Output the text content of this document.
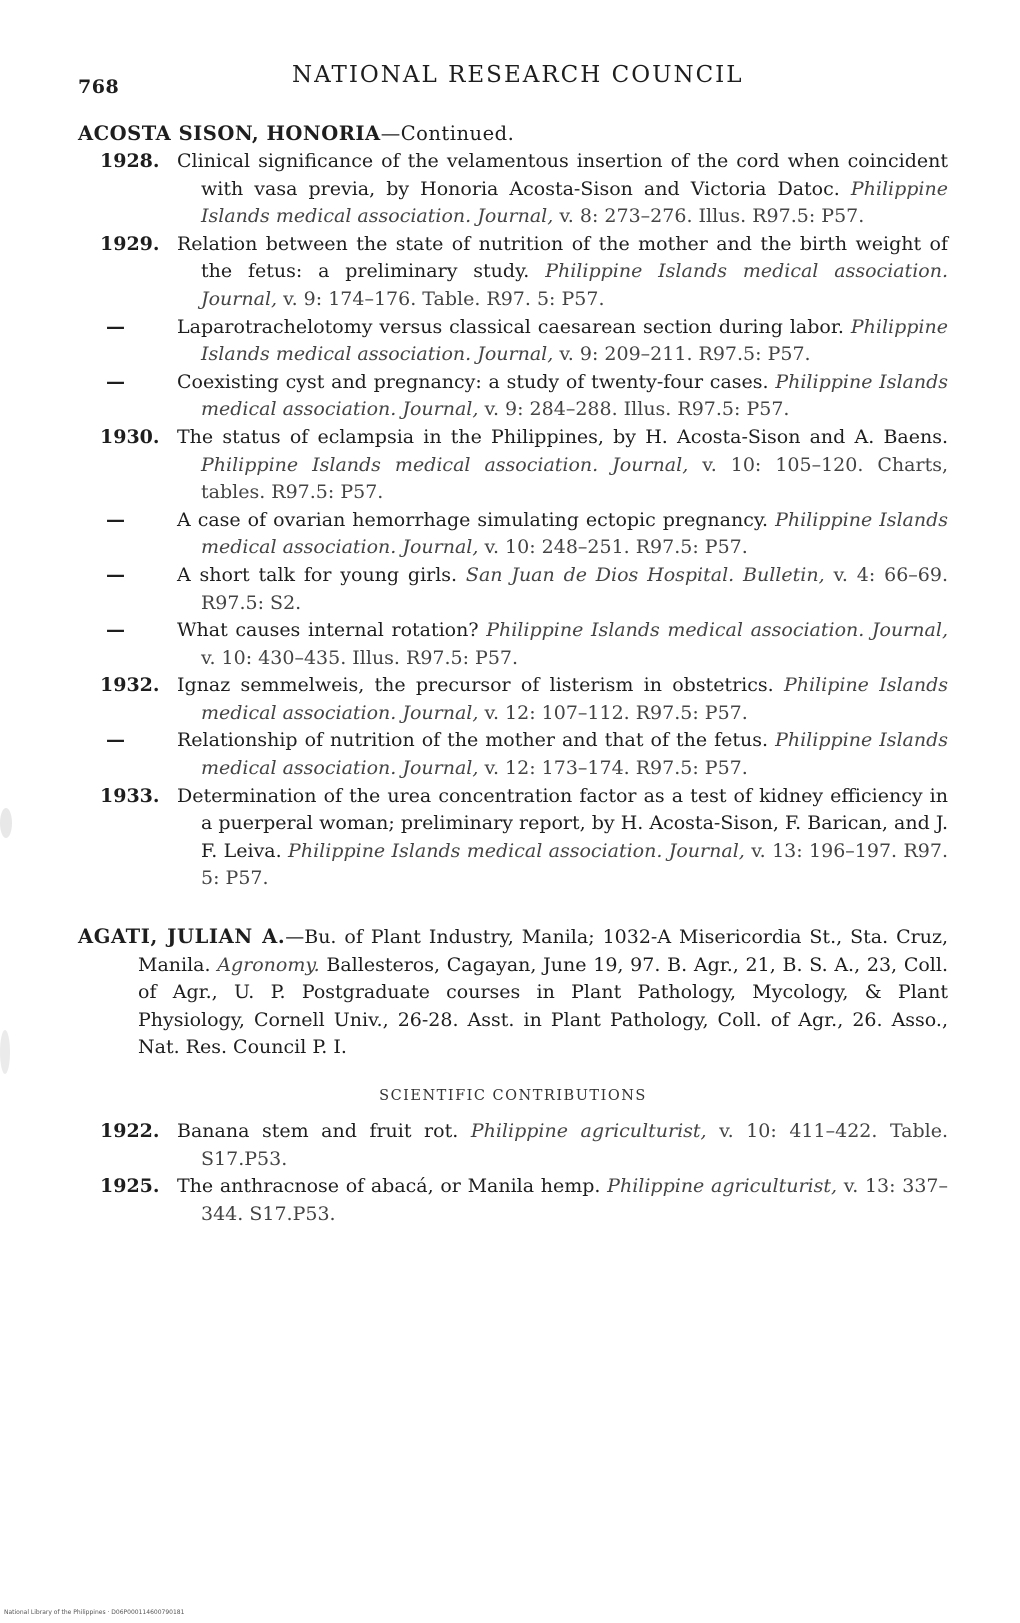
768	NATIONAL RESEARCH COUNCIL

ACOSTA SISON, HONORIA—Continued.

1928. Clinical significance of the velamentous insertion of the cord when coincident with vasa previa, by Honoria Acosta-Sison and Victoria Datoc. Philippine Islands medical association. Journal, v. 8: 273–276. Illus. R97.5: P57.

1929. Relation between the state of nutrition of the mother and the birth weight of the fetus: a preliminary study. Philippine Islands medical association. Journal, v. 9: 174–176. Table. R97. 5: P57.

—	Laparotrachelotomy versus classical caesarean section during labor. Philippine Islands medical association. Journal, v. 9: 209–211. R97.5: P57.

—	Coexisting cyst and pregnancy: a study of twenty-four cases. Philippine Islands medical association. Journal, v. 9: 284–288. Illus. R97.5: P57.

1930. The status of eclampsia in the Philippines, by H. Acosta-Sison and A. Baens. Philippine Islands medical association. Journal, v. 10: 105–120. Charts, tables. R97.5: P57.

—	A case of ovarian hemorrhage simulating ectopic pregnancy. Philippine Islands medical association. Journal, v. 10: 248–251. R97.5: P57.

—	A short talk for young girls. San Juan de Dios Hospital. Bulletin, v. 4: 66–69. R97.5: S2.

—	What causes internal rotation? Philippine Islands medical association. Journal, v. 10: 430–435. Illus. R97.5: P57.

1932. Ignaz semmelweis, the precursor of listerism in obstetrics. Philipine Islands medical association. Journal, v. 12: 107–112. R97.5: P57.

—	Relationship of nutrition of the mother and that of the fetus. Philippine Islands medical association. Journal, v. 12: 173–174. R97.5: P57.

1933. Determination of the urea concentration factor as a test of kidney efficiency in a puerperal woman; preliminary report, by H. Acosta-Sison, F. Barican, and J. F. Leiva. Philippine Islands medical association. Journal, v. 13: 196–197. R97. 5: P57.

AGATI, JULIAN A.—Bu. of Plant Industry, Manila; 1032-A Misericordia St., Sta. Cruz, Manila. Agronomy. Ballesteros, Cagayan, June 19, 97. B. Agr., 21, B. S. A., 23, Coll. of Agr., U. P. Postgraduate courses in Plant Pathology, Mycology, & Plant Physiology, Cornell Univ., 26-28. Asst. in Plant Pathology, Coll. of Agr., 26. Asso., Nat. Res. Council P. I.

SCIENTIFIC CONTRIBUTIONS

1922. Banana stem and fruit rot. Philippine agriculturist, v. 10: 411–422. Table. S17.P53.

1925. The anthracnose of abacá, or Manila hemp. Philippine agriculturist, v. 13: 337–344. S17.P53.

National Library of the Philippines · D06P000114600790181
